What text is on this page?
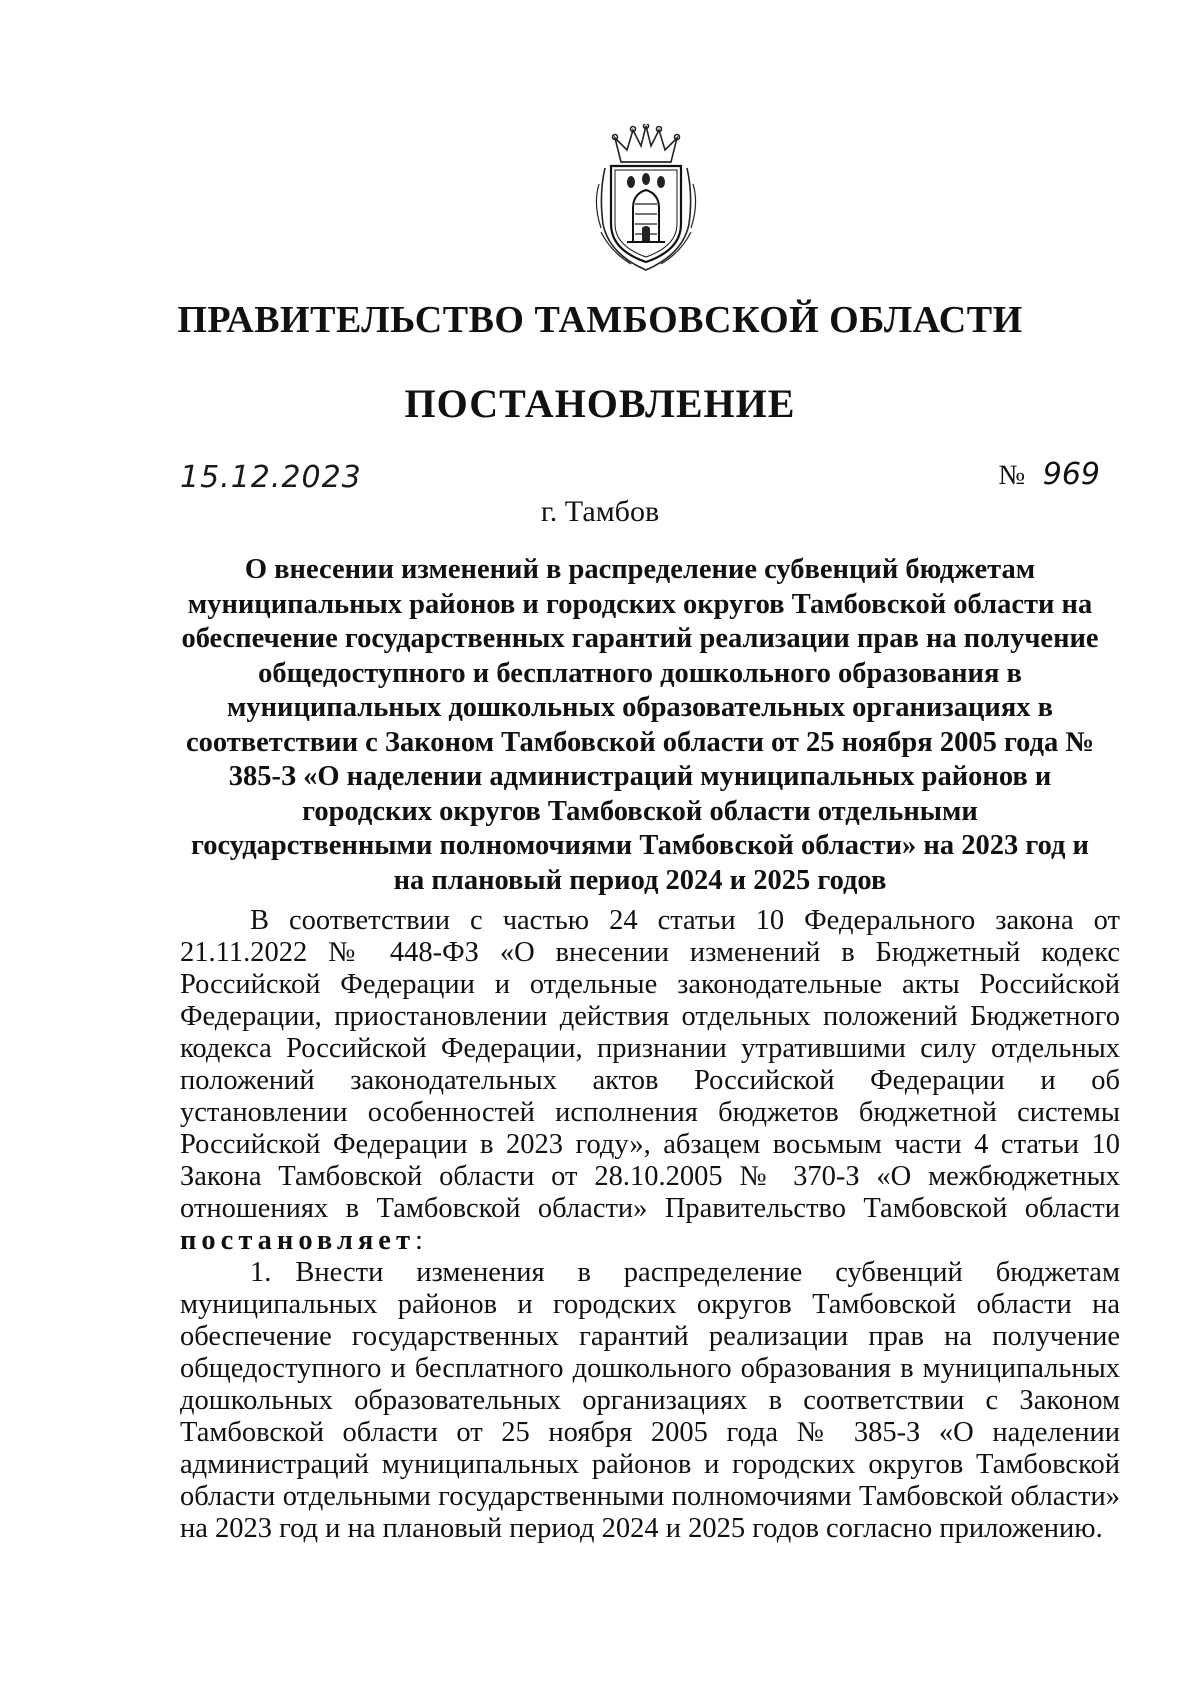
ПРАВИТЕЛЬСТВО ТАМБОВСКОЙ ОБЛАСТИ
ПОСТАНОВЛЕНИЕ
15.12.2023	№ 969
г. Тамбов
О внесении изменений в распределение субвенций бюджетам муниципальных районов и городских округов Тамбовской области на обеспечение государственных гарантий реализации прав на получение общедоступного и бесплатного дошкольного образования в муниципальных дошкольных образовательных организациях в соответствии с Законом Тамбовской области от 25 ноября 2005 года № 385-З «О наделении администраций муниципальных районов и городских округов Тамбовской области отдельными государственными полномочиями Тамбовской области» на 2023 год и на плановый период 2024 и 2025 годов

В соответствии с частью 24 статьи 10 Федерального закона от 21.11.2022 № 448-ФЗ «О внесении изменений в Бюджетный кодекс Российской Федерации и отдельные законодательные акты Российской Федерации, приостановлении действия отдельных положений Бюджетного кодекса Российской Федерации, признании утратившими силу отдельных положений законодательных актов Российской Федерации и об установлении особенностей исполнения бюджетов бюджетной системы Российской Федерации в 2023 году», абзацем восьмым части 4 статьи 10 Закона Тамбовской области от 28.10.2005 № 370-З «О межбюджетных отношениях в Тамбовской области» Правительство Тамбовской области постановляет:

1. Внести изменения в распределение субвенций бюджетам муниципальных районов и городских округов Тамбовской области на обеспечение государственных гарантий реализации прав на получение общедоступного и бесплатного дошкольного образования в муниципальных дошкольных образовательных организациях в соответствии с Законом Тамбовской области от 25 ноября 2005 года № 385-З «О наделении администраций муниципальных районов и городских округов Тамбовской области отдельными государственными полномочиями Тамбовской области» на 2023 год и на плановый период 2024 и 2025 годов согласно приложению.
